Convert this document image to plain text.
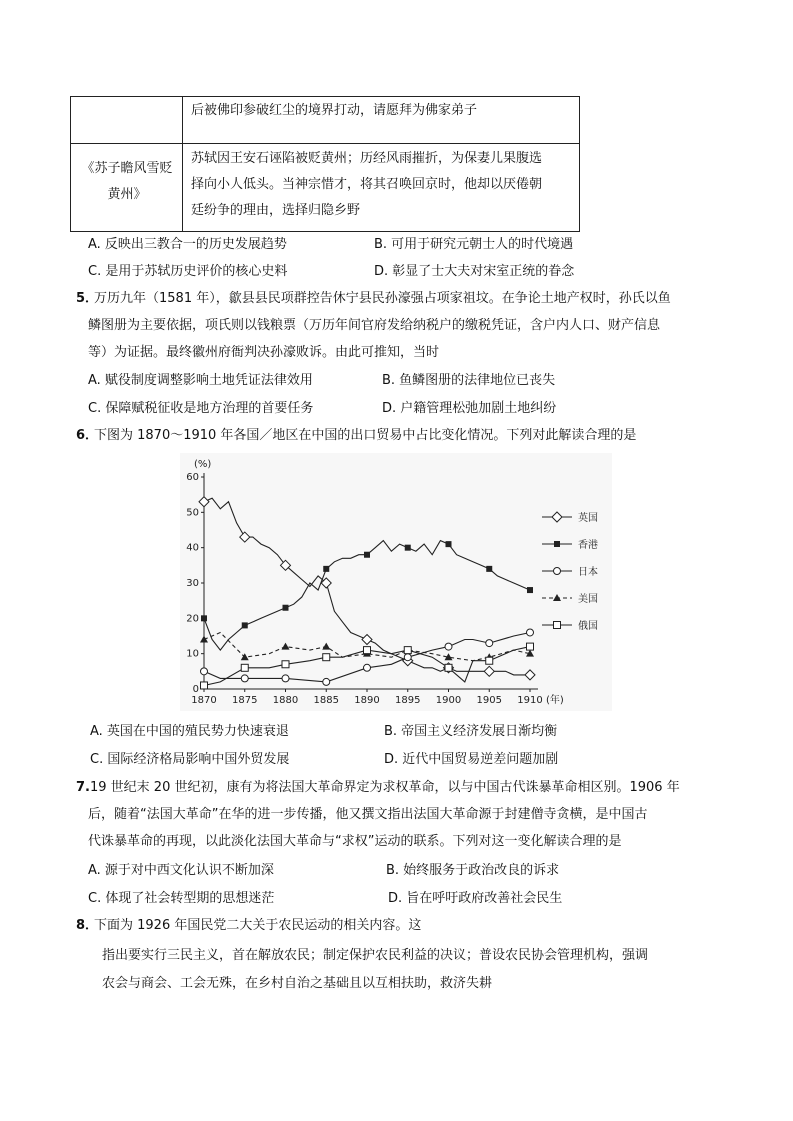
后被佛印参破红尘的境界打动，请愿拜为佛家弟子
《苏子瞻风雪贬
黄州》
苏轼因王安石诬陷被贬黄州；历经风雨摧折，为保妻儿果腹选
择向小人低头。当神宗惜才，将其召唤回京时，他却以厌倦朝
廷纷争的理由，选择归隐乡野
A. 反映出三教合一的历史发展趋势	B. 可用于研究元朝士人的时代境遇
C. 是用于苏轼历史评价的核心史料	D. 彰显了士大夫对宋室正统的眷念
5．
万历九年（1581 年），歙县县民项群控告休宁县民孙濠强占项家祖坟。在争论土地产权时，孙氏以鱼
鳞图册为主要依据，项氏则以钱粮票（万历年间官府发给纳税户的缴税凭证，含户内人口、财产信息
等）为证据。最终徽州府衙判决孙濠败诉。由此可推知，当时
A. 赋役制度调整影响土地凭证法律效用	B. 鱼鳞图册的法律地位已丧失
C. 保障赋税征收是地方治理的首要任务	D. 户籍管理松弛加剧土地纠纷
6．
下图为 1870～1910 年各国／地区在中国的出口贸易中占比变化情况。下列对此解读合理的是
0
10
20
30
40
50
60
(%)
1870 1875 1880 1885 1890 1895 1900 1905 1910 (年)
英国
香港
日本
美国
俄国
A. 英国在中国的殖民势力快速衰退	B. 帝国主义经济发展日渐均衡
C. 国际经济格局影响中国外贸发展	D. 近代中国贸易逆差问题加剧
7. 19 世纪末 20 世纪初，康有为将法国大革命界定为求权革命，以与中国古代诛暴革命相区别。1906 年
后，随着“法国大革命”在华的进一步传播，他又撰文指出法国大革命源于封建僧寺贪横，是中国古
代诛暴革命的再现，以此淡化法国大革命与“求权”运动的联系。下列对这一变化解读合理的是
A. 源于对中西文化认识不断加深	B. 始终服务于政治改良的诉求
C. 体现了社会转型期的思想迷茫	D. 旨在呼吁政府改善社会民生
8．
下面为 1926 年国民党二大关于农民运动的相关内容。这
指出要实行三民主义，首在解放农民；制定保护农民利益的决议；普设农民协会管理机构，强调
农会与商会、工会无殊，在乡村自治之基础且以互相扶助，救济失耕
